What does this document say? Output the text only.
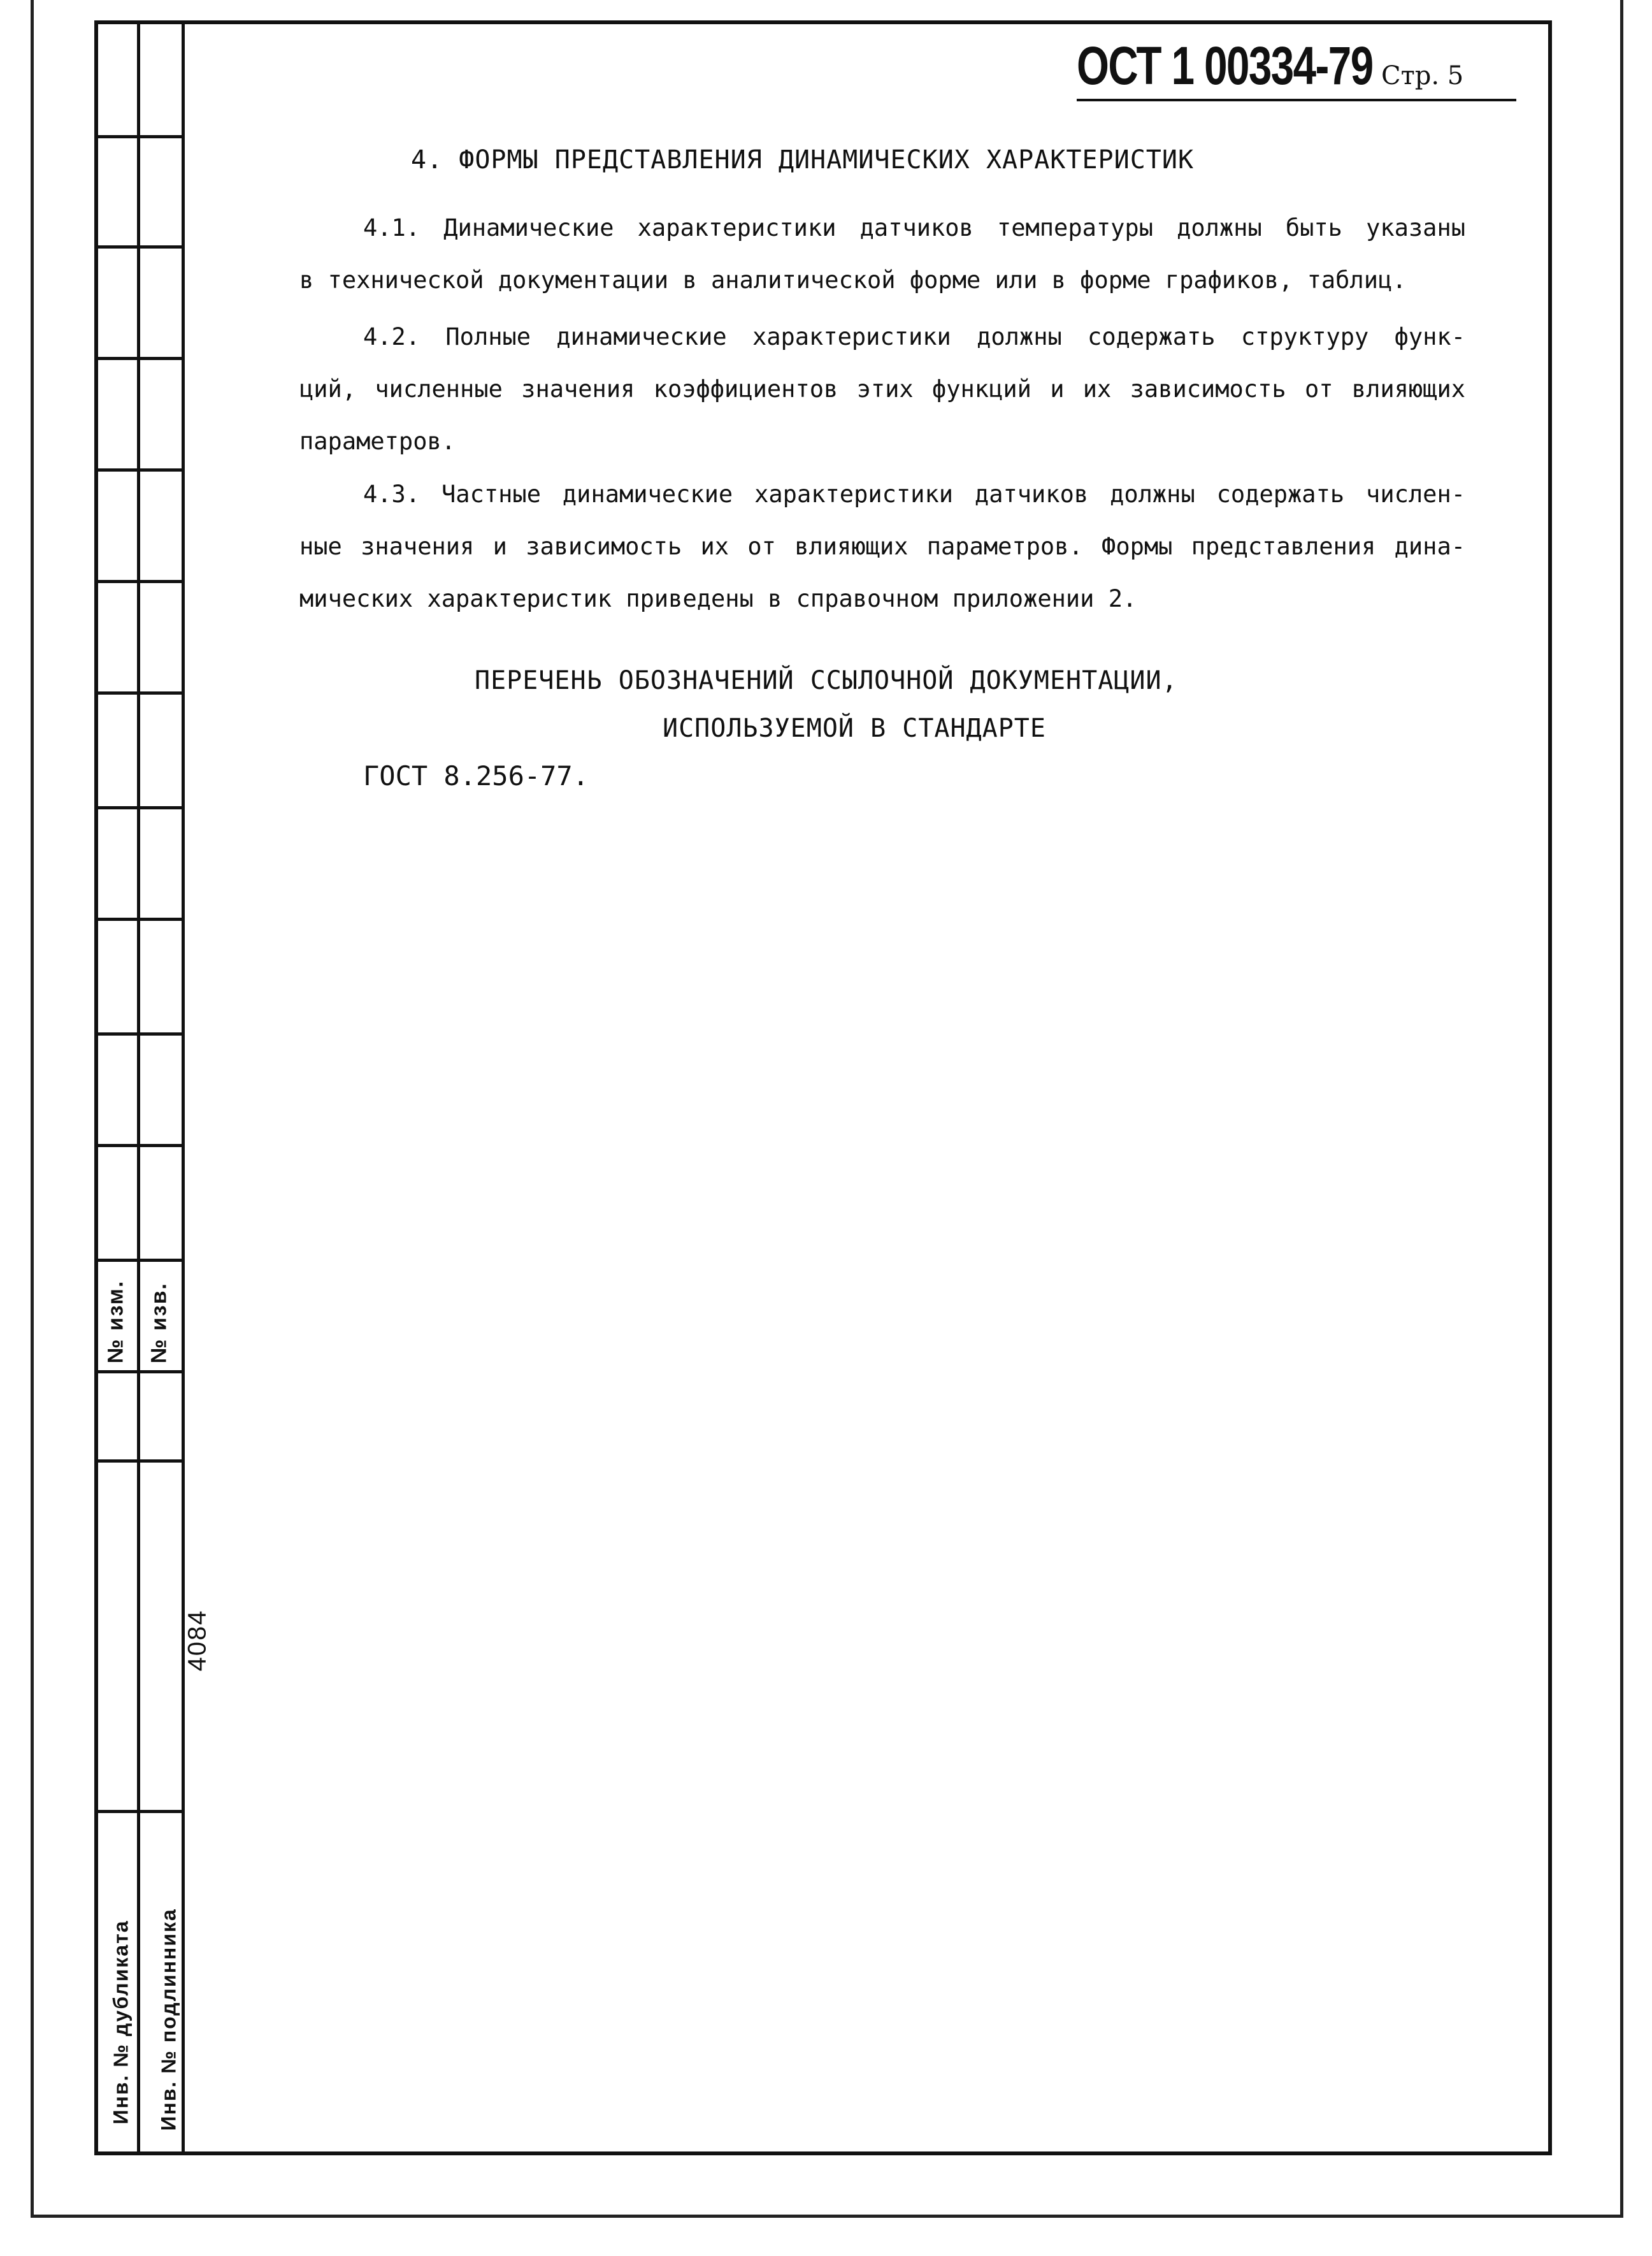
№ изм. № изв.
4084
Инв. № дубликата Инв. № подлинника
ОСТ 1 00334-79 Стр. 5
4. ФОРМЫ ПРЕДСТАВЛЕНИЯ ДИНАМИЧЕСКИХ ХАРАКТЕРИСТИК
4.1. Динамические характеристики датчиков температуры должны быть указаны
в технической документации в аналитической форме или в форме графиков, таблиц.
4.2. Полные динамические характеристики должны содержать структуру функ-
ций, численные значения коэффициентов этих функций и их зависимость от влияющих
параметров.
4.3. Частные динамические характеристики датчиков должны содержать числен-
ные значения и зависимость их от влияющих параметров. Формы представления дина-
мических характеристик приведены в справочном приложении 2.
ПЕРЕЧЕНЬ ОБОЗНАЧЕНИЙ ССЫЛОЧНОЙ ДОКУМЕНТАЦИИ,
ИСПОЛЬЗУЕМОЙ В СТАНДАРТЕ
ГОСТ 8.256-77.
